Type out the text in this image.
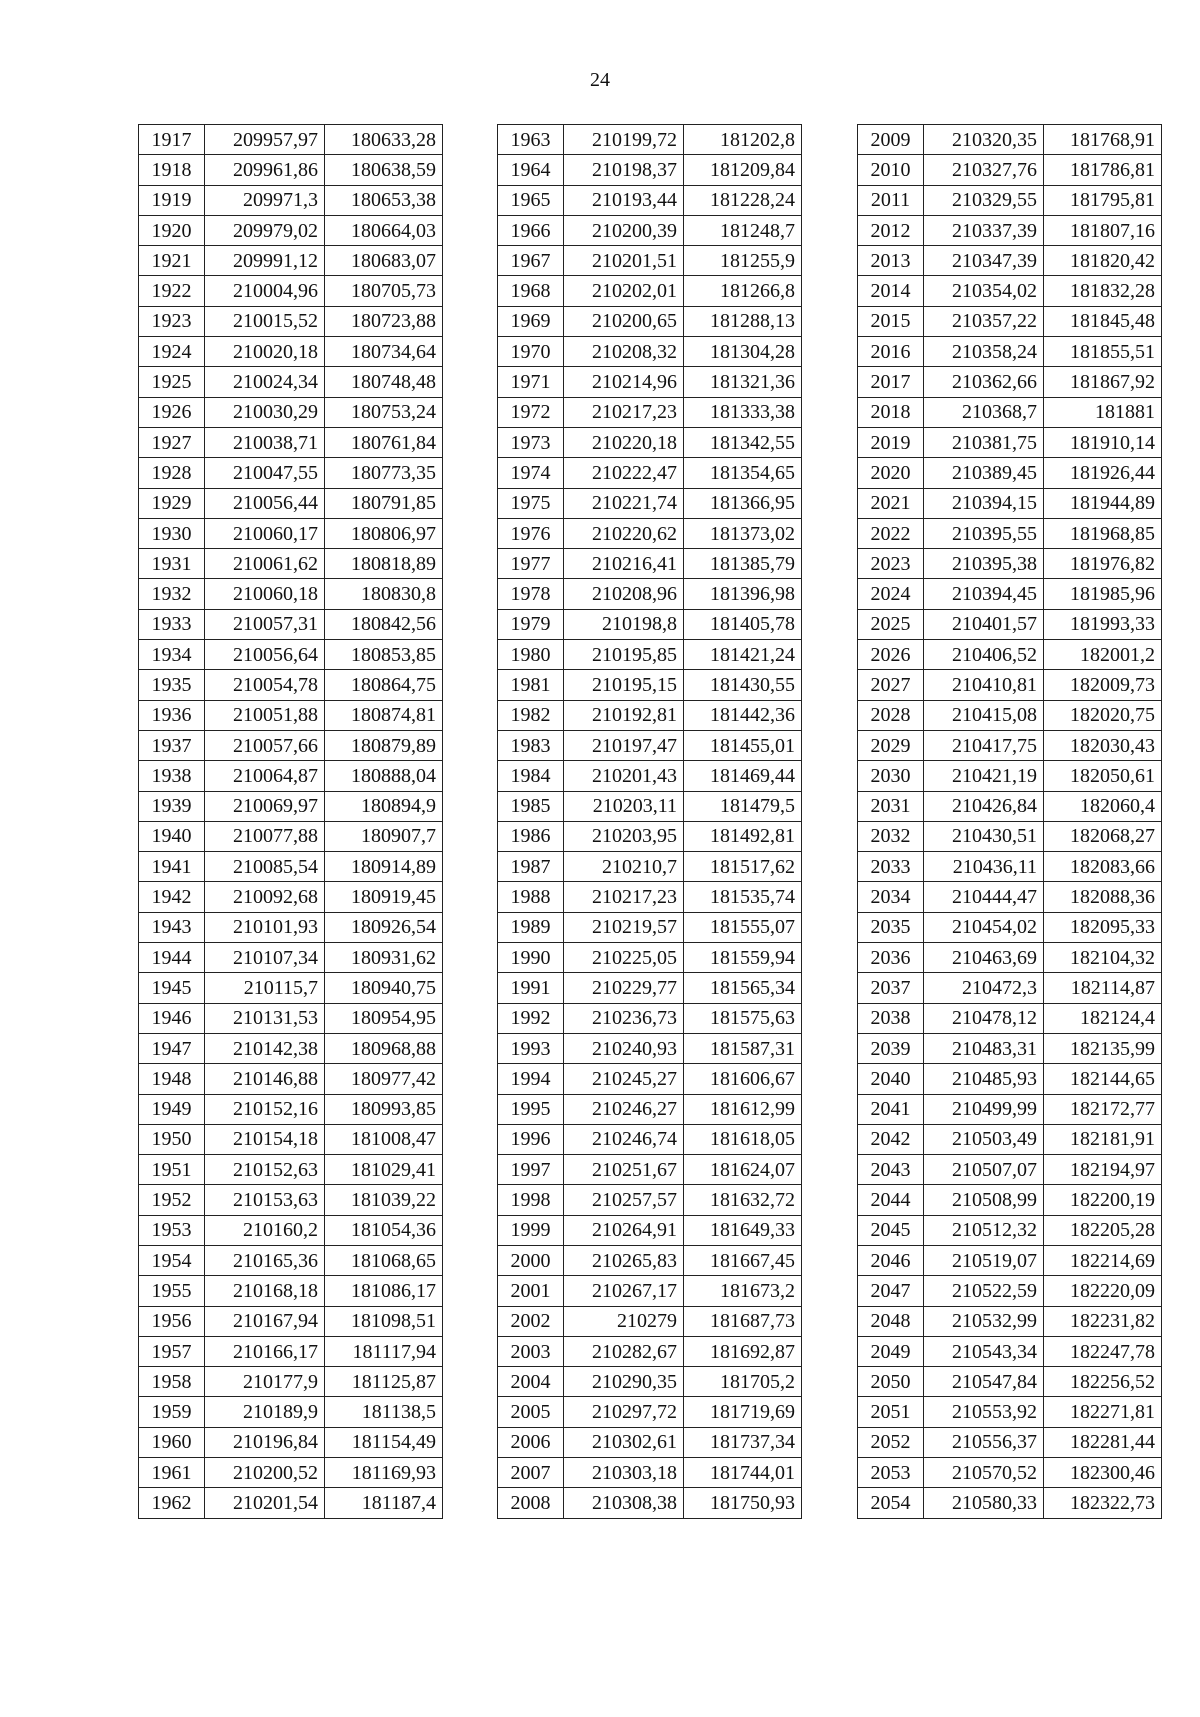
24
1917	209957,97	180633,28
1918	209961,86	180638,59
1919	209971,3	180653,38
1920	209979,02	180664,03
1921	209991,12	180683,07
1922	210004,96	180705,73
1923	210015,52	180723,88
1924	210020,18	180734,64
1925	210024,34	180748,48
1926	210030,29	180753,24
1927	210038,71	180761,84
1928	210047,55	180773,35
1929	210056,44	180791,85
1930	210060,17	180806,97
1931	210061,62	180818,89
1932	210060,18	180830,8
1933	210057,31	180842,56
1934	210056,64	180853,85
1935	210054,78	180864,75
1936	210051,88	180874,81
1937	210057,66	180879,89
1938	210064,87	180888,04
1939	210069,97	180894,9
1940	210077,88	180907,7
1941	210085,54	180914,89
1942	210092,68	180919,45
1943	210101,93	180926,54
1944	210107,34	180931,62
1945	210115,7	180940,75
1946	210131,53	180954,95
1947	210142,38	180968,88
1948	210146,88	180977,42
1949	210152,16	180993,85
1950	210154,18	181008,47
1951	210152,63	181029,41
1952	210153,63	181039,22
1953	210160,2	181054,36
1954	210165,36	181068,65
1955	210168,18	181086,17
1956	210167,94	181098,51
1957	210166,17	181117,94
1958	210177,9	181125,87
1959	210189,9	181138,5
1960	210196,84	181154,49
1961	210200,52	181169,93
1962	210201,54	181187,4
1963	210199,72	181202,8
1964	210198,37	181209,84
1965	210193,44	181228,24
1966	210200,39	181248,7
1967	210201,51	181255,9
1968	210202,01	181266,8
1969	210200,65	181288,13
1970	210208,32	181304,28
1971	210214,96	181321,36
1972	210217,23	181333,38
1973	210220,18	181342,55
1974	210222,47	181354,65
1975	210221,74	181366,95
1976	210220,62	181373,02
1977	210216,41	181385,79
1978	210208,96	181396,98
1979	210198,8	181405,78
1980	210195,85	181421,24
1981	210195,15	181430,55
1982	210192,81	181442,36
1983	210197,47	181455,01
1984	210201,43	181469,44
1985	210203,11	181479,5
1986	210203,95	181492,81
1987	210210,7	181517,62
1988	210217,23	181535,74
1989	210219,57	181555,07
1990	210225,05	181559,94
1991	210229,77	181565,34
1992	210236,73	181575,63
1993	210240,93	181587,31
1994	210245,27	181606,67
1995	210246,27	181612,99
1996	210246,74	181618,05
1997	210251,67	181624,07
1998	210257,57	181632,72
1999	210264,91	181649,33
2000	210265,83	181667,45
2001	210267,17	181673,2
2002	210279	181687,73
2003	210282,67	181692,87
2004	210290,35	181705,2
2005	210297,72	181719,69
2006	210302,61	181737,34
2007	210303,18	181744,01
2008	210308,38	181750,93
2009	210320,35	181768,91
2010	210327,76	181786,81
2011	210329,55	181795,81
2012	210337,39	181807,16
2013	210347,39	181820,42
2014	210354,02	181832,28
2015	210357,22	181845,48
2016	210358,24	181855,51
2017	210362,66	181867,92
2018	210368,7	181881
2019	210381,75	181910,14
2020	210389,45	181926,44
2021	210394,15	181944,89
2022	210395,55	181968,85
2023	210395,38	181976,82
2024	210394,45	181985,96
2025	210401,57	181993,33
2026	210406,52	182001,2
2027	210410,81	182009,73
2028	210415,08	182020,75
2029	210417,75	182030,43
2030	210421,19	182050,61
2031	210426,84	182060,4
2032	210430,51	182068,27
2033	210436,11	182083,66
2034	210444,47	182088,36
2035	210454,02	182095,33
2036	210463,69	182104,32
2037	210472,3	182114,87
2038	210478,12	182124,4
2039	210483,31	182135,99
2040	210485,93	182144,65
2041	210499,99	182172,77
2042	210503,49	182181,91
2043	210507,07	182194,97
2044	210508,99	182200,19
2045	210512,32	182205,28
2046	210519,07	182214,69
2047	210522,59	182220,09
2048	210532,99	182231,82
2049	210543,34	182247,78
2050	210547,84	182256,52
2051	210553,92	182271,81
2052	210556,37	182281,44
2053	210570,52	182300,46
2054	210580,33	182322,73
